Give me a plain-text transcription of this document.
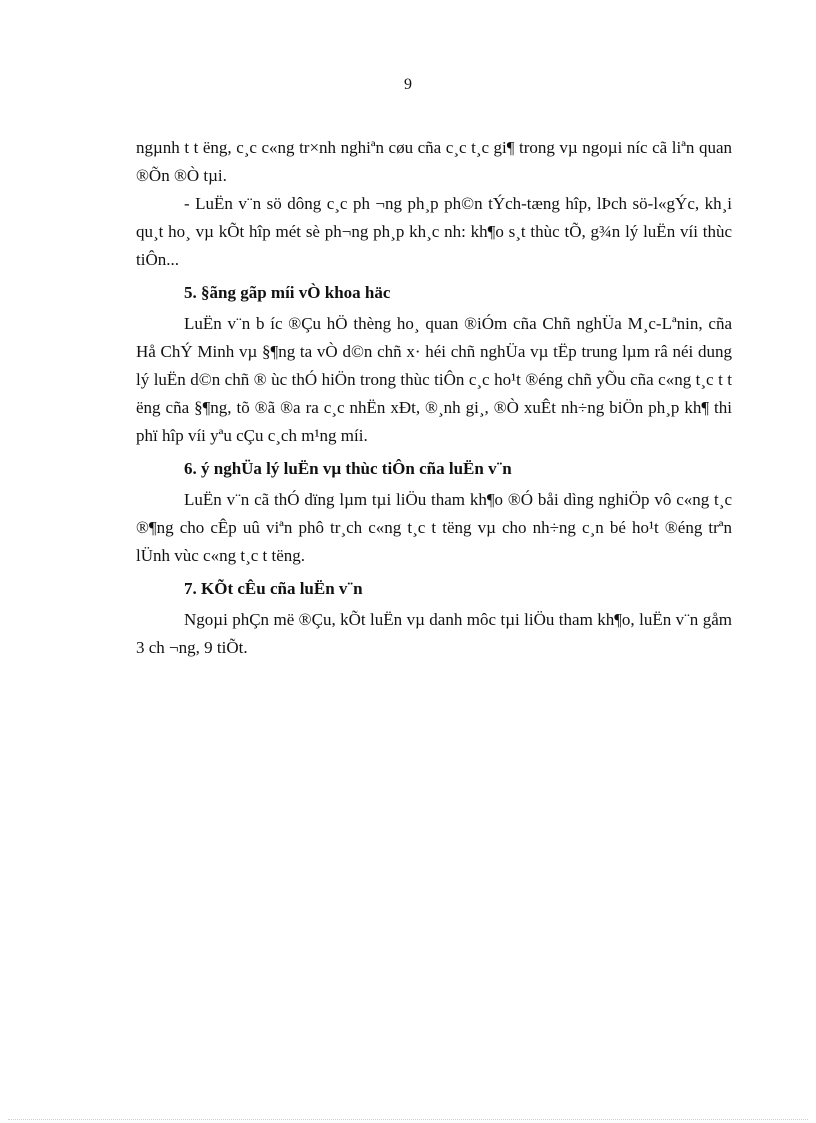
9

ngµnh t t ëng, c¸c c«ng tr×nh nghiªn cøu cña c¸c t¸c gi¶ trong vµ ngoµi níc cã liªn quan ®Õn ®Ò tµi.

- LuËn v¨n sö dông c¸c ph ¬ng ph¸p ph©n tÝch-tæng hîp, lÞch sö-l«gÝc, kh¸i qu¸t ho¸ vµ kÕt hîp mét sè ph¬ng ph¸p kh¸c nh: kh¶o s¸t thùc tÕ, g¾n lý luËn víi thùc tiÔn...

5. §ãng gãp míi vÒ khoa häc

LuËn v¨n b íc ®Çu hÖ thèng ho¸ quan ®iÓm cña Chñ nghÜa M¸c-Lªnin, cña Hå ChÝ Minh vµ §¶ng ta vÒ d©n chñ x· héi chñ nghÜa vµ tËp trung lµm râ néi dung lý luËn d©n chñ ® ùc thÓ hiÖn trong thùc tiÔn c¸c ho¹t ®éng chñ yÕu cña c«ng t¸c t t ëng cña §¶ng, tõ ®ã ®a ra c¸c nhËn xÐt, ®¸nh gi¸, ®Ò xuÊt nh÷ng biÖn ph¸p kh¶ thi phï hîp víi yªu cÇu c¸ch m¹ng míi.

6. ý nghÜa lý luËn vµ thùc tiÔn cña luËn v¨n

LuËn v¨n cã thÓ dïng lµm tµi liÖu tham kh¶o ®Ó båi dìng nghiÖp vô c«ng t¸c ®¶ng cho cÊp uû viªn phô tr¸ch c«ng t¸c t tëng vµ cho nh÷ng c¸n bé ho¹t ®éng trªn lÜnh vùc c«ng t¸c t tëng.

7. KÕt cÊu cña luËn v¨n

Ngoµi phÇn më ®Çu, kÕt luËn vµ danh môc tµi liÖu tham kh¶o, luËn v¨n gåm 3 ch ¬ng, 9 tiÕt.
